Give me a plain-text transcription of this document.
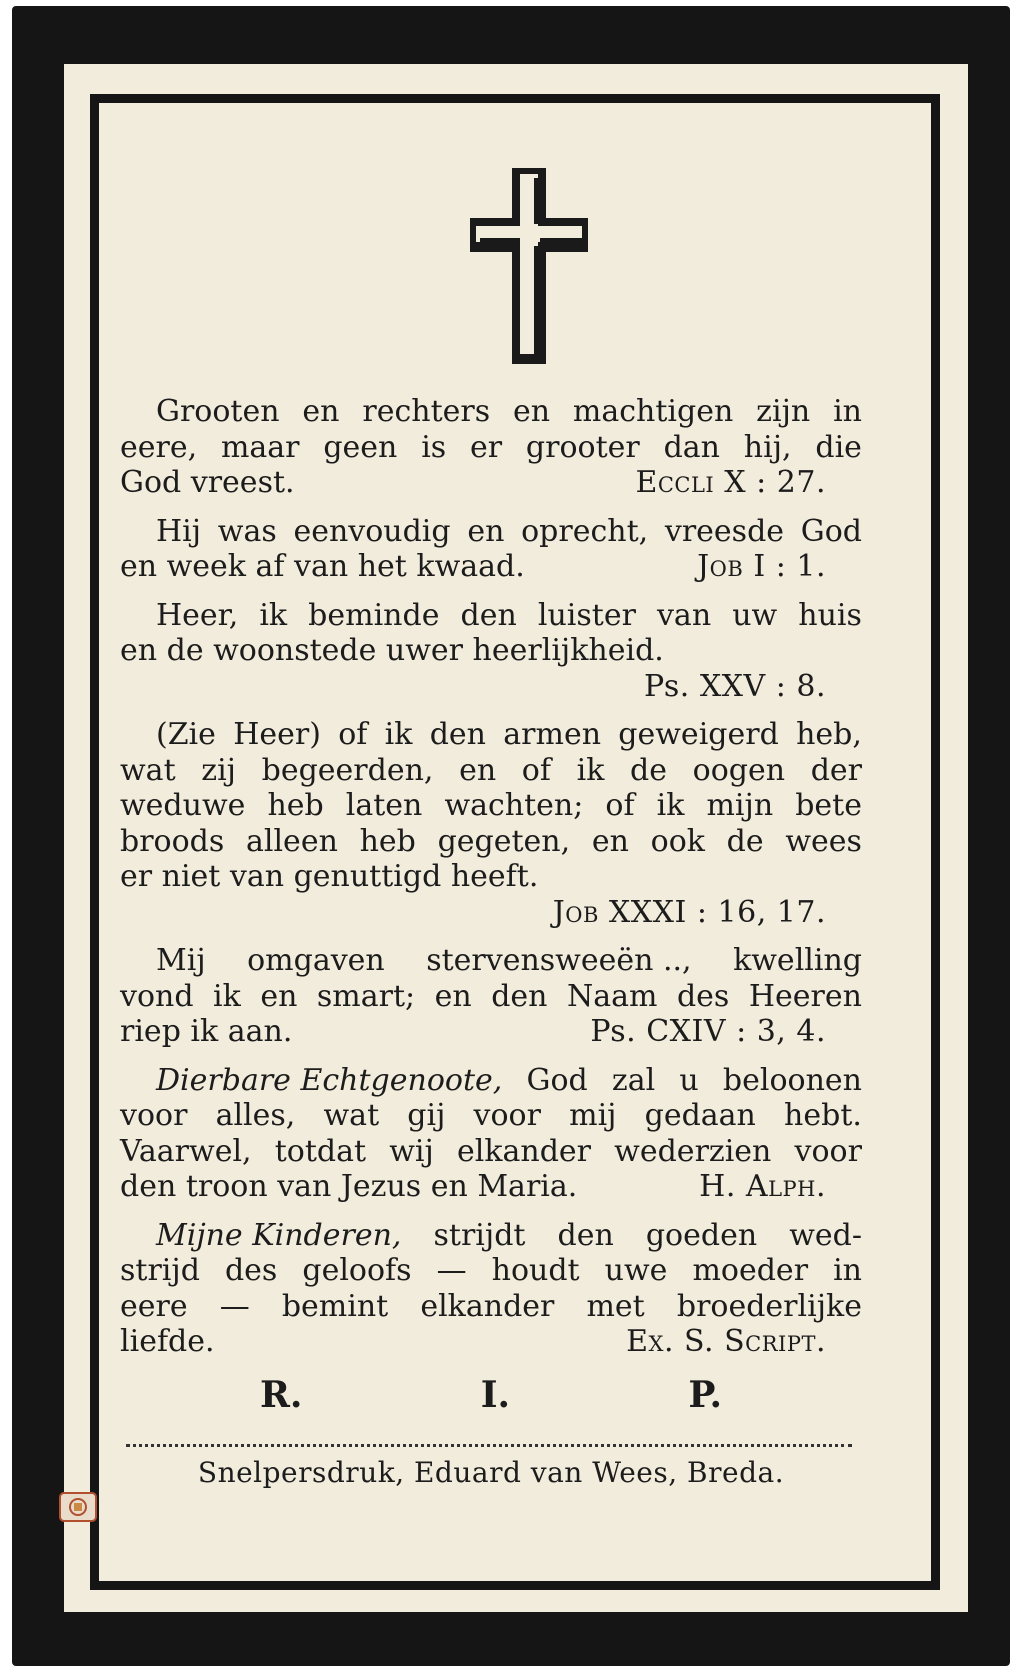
Grooten en rechters en machtigen zijn in
eere, maar geen is er grooter dan hij, die
God vreest.	Eccli X : 27.
Hij was eenvoudig en oprecht, vreesde God
en week af van het kwaad.	Job I : 1.
Heer, ik beminde den luister van uw huis
en de woonstede uwer heerlijkheid.
Ps. XXV : 8.
(Zie Heer) of ik den armen geweigerd heb,
wat zij begeerden, en of ik de oogen der
weduwe heb laten wachten; of ik mijn bete
broods alleen heb gegeten, en ook de wees
er niet van genuttigd heeft.
Job XXXI : 16, 17.
Mij omgaven stervensweeën .., kwelling
vond ik en smart; en den Naam des Heeren
riep ik aan.	Ps. CXIV : 3, 4.
Dierbare Echtgenoote, God zal u beloonen
voor alles, wat gij voor mij gedaan hebt.
Vaarwel, totdat wij elkander wederzien voor
den troon van Jezus en Maria.	H. Alph.
Mijne Kinderen, strijdt den goeden wed-
strijd des geloofs — houdt uwe moeder in
eere — bemint elkander met broederlijke
liefde.	Ex. S. Script.
R.	I.	P.
Snelpersdruk, Eduard van Wees, Breda.
